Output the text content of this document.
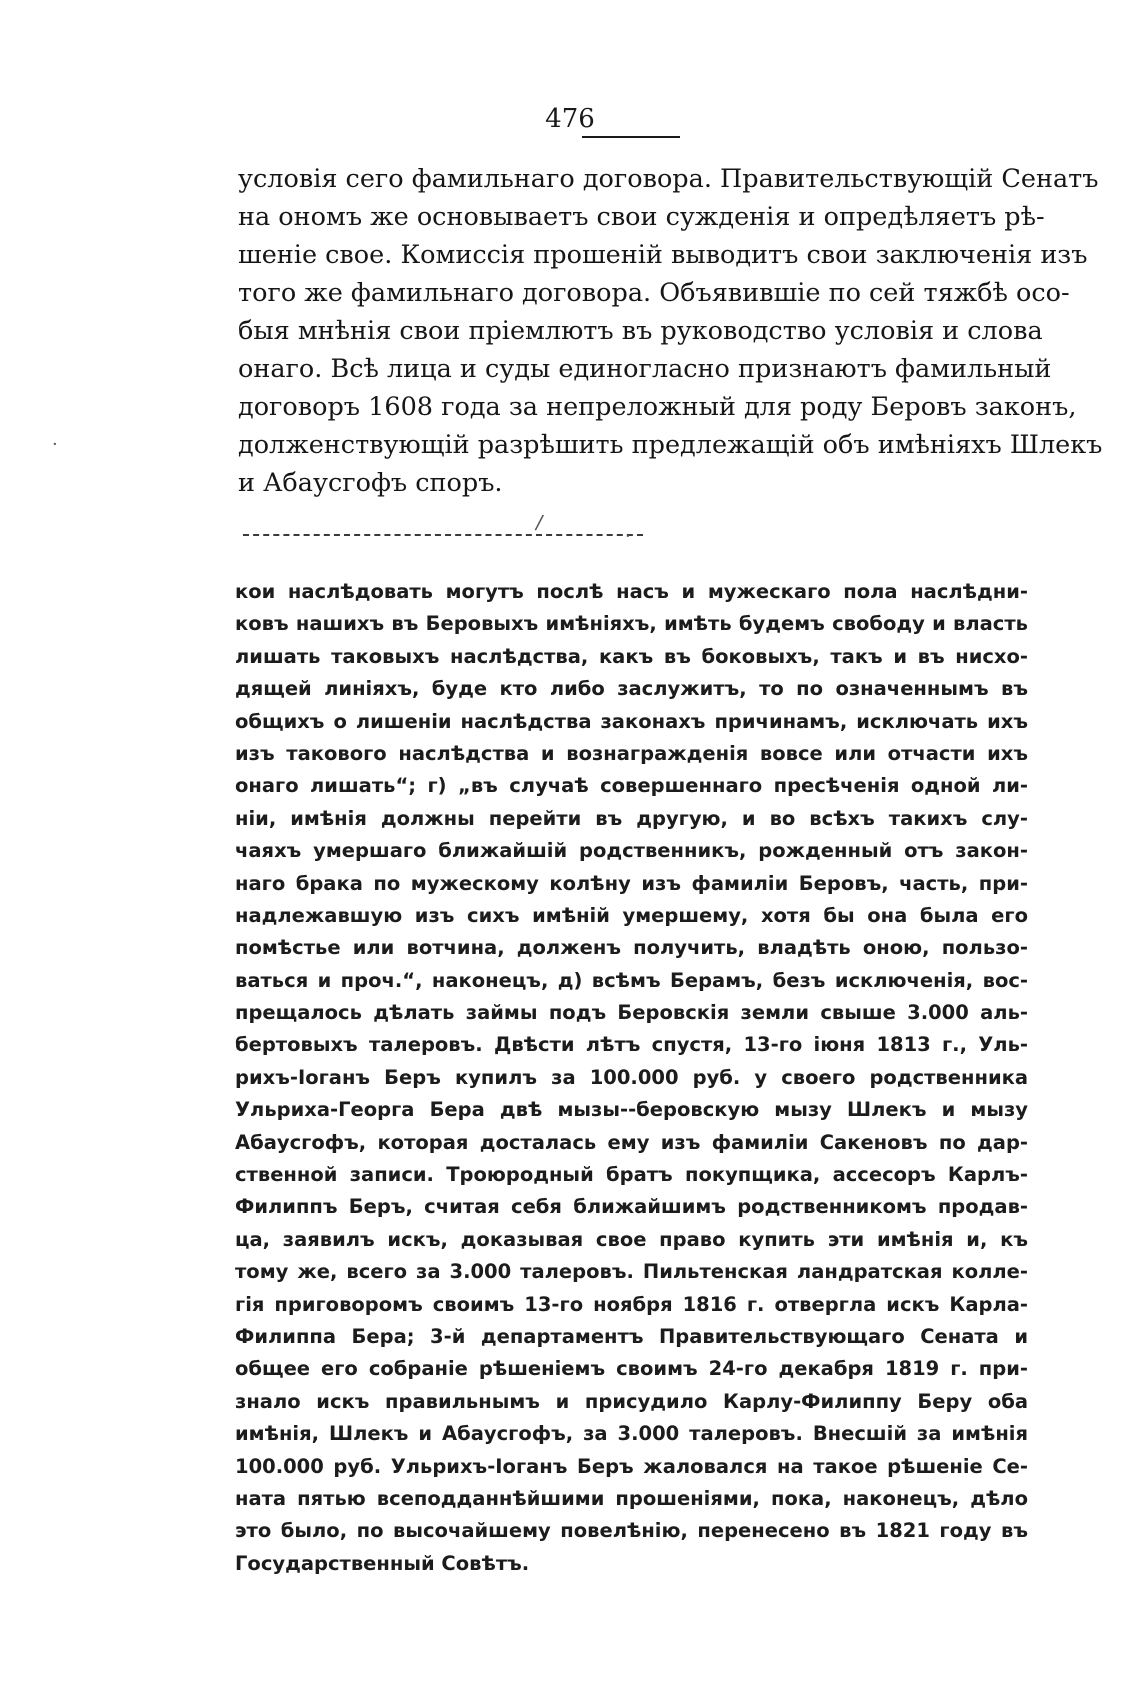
476
условія сего фамильнаго договора. Правительствующій Сенатъ
на ономъ же основываетъ свои сужденія и опредѣляетъ рѣ-
шеніе свое. Комиссія прошеній выводитъ свои заключенія изъ
того же фамильнаго договора. Объявившіе по сей тяжбѣ осо-
быя мнѣнія свои пріемлютъ въ руководство условія и слова
онаго. Всѣ лица и суды единогласно признаютъ фамильный
договоръ 1608 года за непреложный для роду Беровъ законъ,
долженствующій разрѣшить предлежащій объ имѣніяхъ Шлекъ
и Абаусгофъ споръ.
/
·
·
кои наслѣдовать могутъ послѣ насъ и мужескаго пола наслѣдни-
ковъ нашихъ въ Беровыхъ имѣніяхъ, имѣть будемъ свободу и власть
лишать таковыхъ наслѣдства, какъ въ боковыхъ, такъ и въ нисхо-
дящей линіяхъ, буде кто либо заслужитъ, то по означеннымъ въ
общихъ о лишеніи наслѣдства законахъ причинамъ, исключать ихъ
изъ такового наслѣдства и вознагражденія вовсе или отчасти ихъ
онаго лишать“; г) „въ случаѣ совершеннаго пресѣченія одной ли-
ніи, имѣнія должны перейти въ другую, и во всѣхъ такихъ слу-
чаяхъ умершаго ближайшій родственникъ, рожденный отъ закон-
наго брака по мужескому колѣну изъ фамиліи Беровъ, часть, при-
надлежавшую изъ сихъ имѣній умершему, хотя бы она была его
помѣстье или вотчина, долженъ получить, владѣть оною, пользо-
ваться и проч.“, наконецъ, д) всѣмъ Берамъ, безъ исключенія, вос-
прещалось дѣлать займы подъ Беровскія земли свыше 3.000 аль-
бертовыхъ талеровъ. Двѣсти лѣтъ спустя, 13-го іюня 1813 г., Уль-
рихъ-Іоганъ Беръ купилъ за 100.000 руб. у своего родственника
Ульриха-Георга Бера двѣ мызы--беровскую мызу Шлекъ и мызу
Абаусгофъ, которая досталась ему изъ фамиліи Сакеновъ по дар-
ственной записи. Троюродный братъ покупщика, ассесоръ Карлъ-
Филиппъ Беръ, считая себя ближайшимъ родственникомъ продав-
ца, заявилъ искъ, доказывая свое право купить эти имѣнія и, къ
тому же, всего за 3.000 талеровъ. Пильтенская ландратская колле-
гія приговоромъ своимъ 13-го ноября 1816 г. отвергла искъ Карла-
Филиппа Бера; 3-й департаментъ Правительствующаго Сената и
общее его собраніе рѣшеніемъ своимъ 24-го декабря 1819 г. при-
знало искъ правильнымъ и присудило Карлу-Филиппу Беру оба
имѣнія, Шлекъ и Абаусгофъ, за 3.000 талеровъ. Внесшій за имѣнія
100.000 руб. Ульрихъ-Іоганъ Беръ жаловался на такое рѣшеніе Се-
ната пятью всеподданнѣйшими прошеніями, пока, наконецъ, дѣло
это было, по высочайшему повелѣнію, перенесено въ 1821 году въ
Государственный Совѣтъ.
